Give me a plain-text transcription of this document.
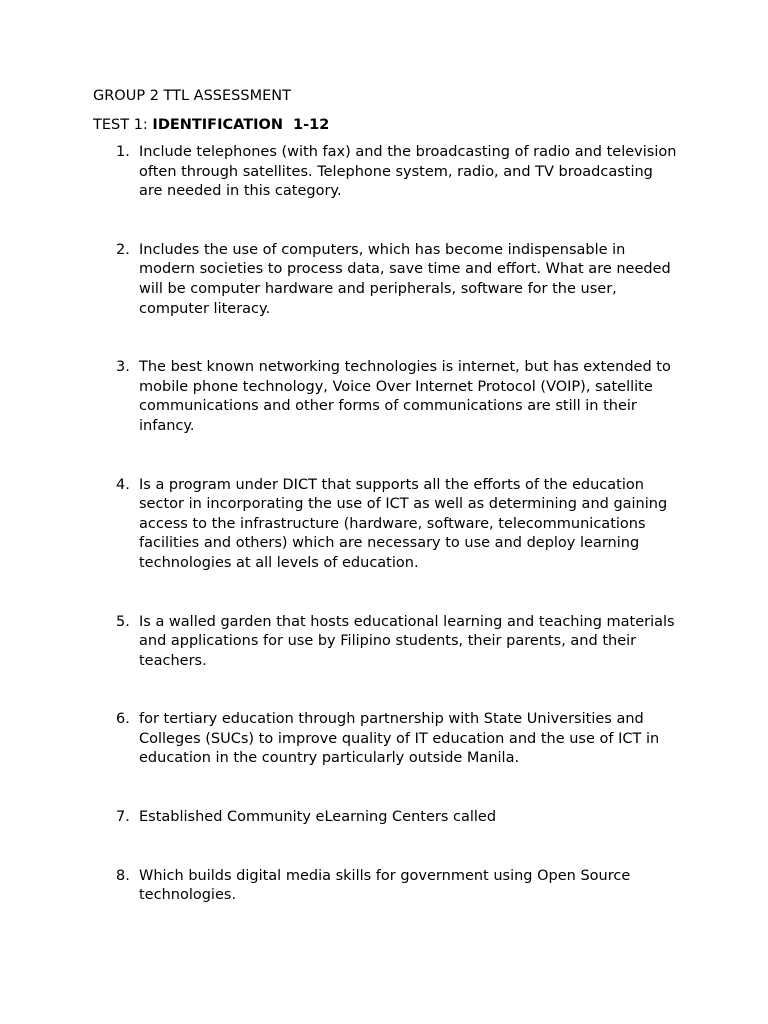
GROUP 2 TTL ASSESSMENT
TEST 1: IDENTIFICATION  1-12
1. Include telephones (with fax) and the broadcasting of radio and television often through satellites. Telephone system, radio, and TV broadcasting are needed in this category.
2. Includes the use of computers, which has become indispensable in modern societies to process data, save time and effort. What are needed will be computer hardware and peripherals, software for the user, computer literacy.
3. The best known networking technologies is internet, but has extended to mobile phone technology, Voice Over Internet Protocol (VOIP), satellite communications and other forms of communications are still in their infancy.
4. Is a program under DICT that supports all the efforts of the education sector in incorporating the use of ICT as well as determining and gaining access to the infrastructure (hardware, software, telecommunications facilities and others) which are necessary to use and deploy learning technologies at all levels of education.
5. Is a walled garden that hosts educational learning and teaching materials and applications for use by Filipino students, their parents, and their teachers.
6. for tertiary education through partnership with State Universities and Colleges (SUCs) to improve quality of IT education and the use of ICT in education in the country particularly outside Manila.
7. Established Community eLearning Centers called
8. Which builds digital media skills for government using Open Source technologies.
